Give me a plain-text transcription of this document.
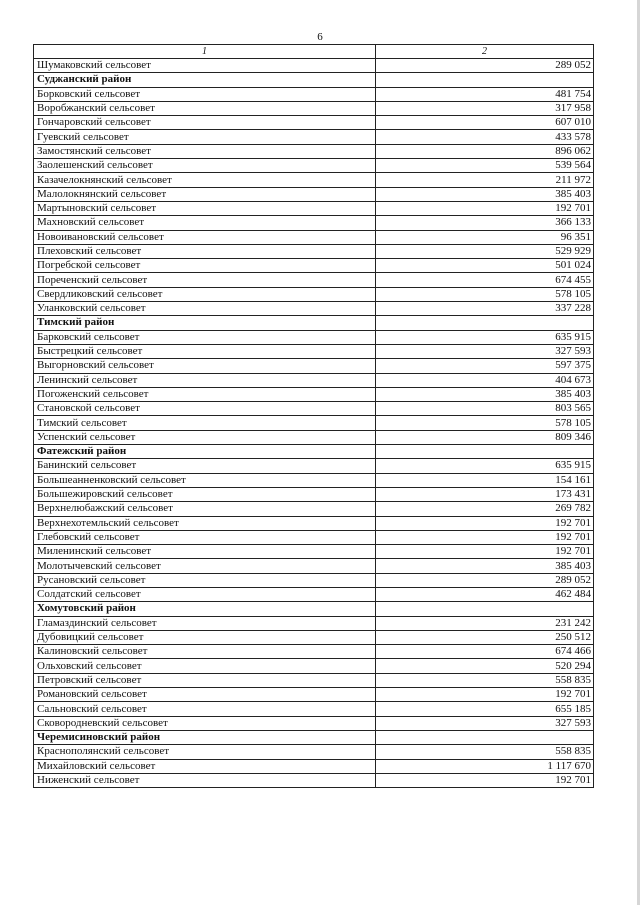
6
1	2
Шумаковский сельсовет	289 052
Суджанский район	
Борковский сельсовет	481 754
Воробжанский сельсовет	317 958
Гончаровский сельсовет	607 010
Гуевский сельсовет	433 578
Замостянский сельсовет	896 062
Заолешенский сельсовет	539 564
Казачелокнянский сельсовет	211 972
Малолокнянский сельсовет	385 403
Мартыновский сельсовет	192 701
Махновский сельсовет	366 133
Новоивановский сельсовет	96 351
Плеховский сельсовет	529 929
Погребской сельсовет	501 024
Пореченский сельсовет	674 455
Свердликовский сельсовет	578 105
Уланковский сельсовет	337 228
Тимский район	
Барковский сельсовет	635 915
Быстрецкий сельсовет	327 593
Выгорновский сельсовет	597 375
Ленинский сельсовет	404 673
Погоженский сельсовет	385 403
Становской сельсовет	803 565
Тимский сельсовет	578 105
Успенский сельсовет	809 346
Фатежский район	
Банинский сельсовет	635 915
Большеанненковский сельсовет	154 161
Большежировский сельсовет	173 431
Верхнелюбажский сельсовет	269 782
Верхнехотемльский сельсовет	192 701
Глебовский сельсовет	192 701
Миленинский сельсовет	192 701
Молотычевский сельсовет	385 403
Русановский сельсовет	289 052
Солдатский сельсовет	462 484
Хомутовский район	
Гламаздинский сельсовет	231 242
Дубовицкий сельсовет	250 512
Калиновский сельсовет	674 466
Ольховский сельсовет	520 294
Петровский сельсовет	558 835
Романовский сельсовет	192 701
Сальновский сельсовет	655 185
Сковородневский сельсовет	327 593
Черемисиновский район	
Краснополянский сельсовет	558 835
Михайловский сельсовет	1 117 670
Ниженский сельсовет	192 701
